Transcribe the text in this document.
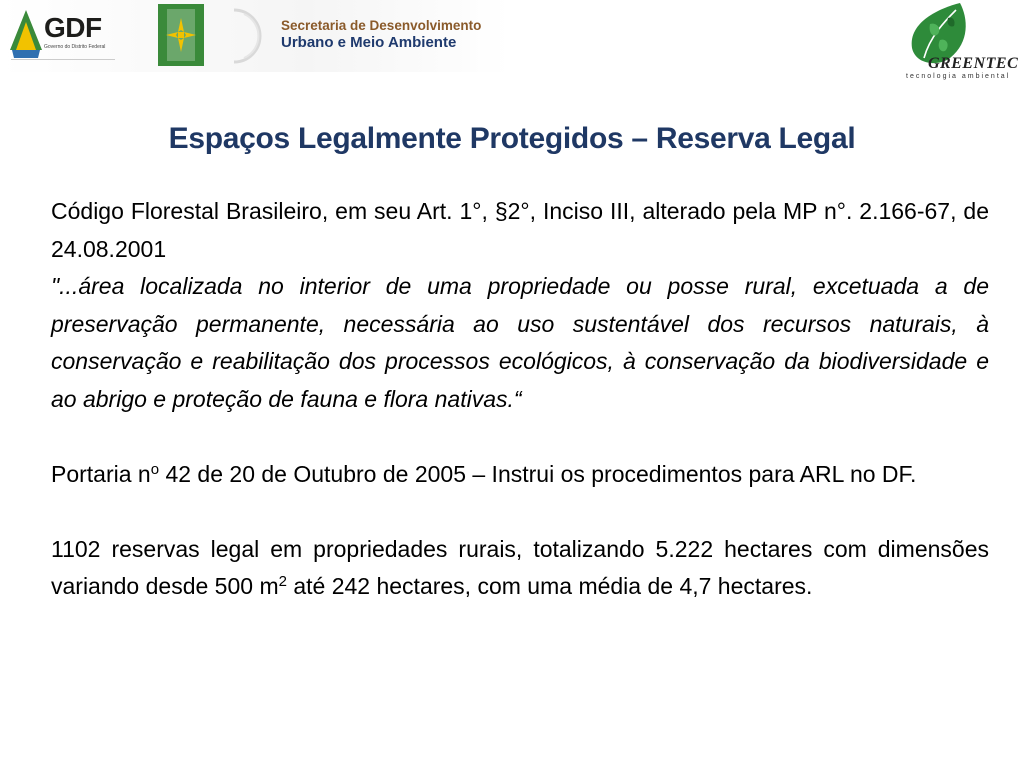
GDF
Governo do Distrito Federal
Secretaria de Desenvolvimento
Urbano e Meio Ambiente
GREENTEC
tecnologia ambiental
Espaços Legalmente Protegidos – Reserva Legal

Código Florestal Brasileiro, em seu Art. 1°, §2°, Inciso III, alterado pela MP n°. 2.166-67, de 24.08.2001

"...área localizada no interior de uma propriedade ou posse rural, excetuada a de preservação permanente, necessária ao uso sustentável dos recursos naturais, à conservação e reabilitação dos processos ecológicos, à conservação da biodiversidade e ao abrigo e proteção de fauna e flora nativas.“

Portaria $n^o$ 42 de 20 de Outubro de 2005 – Instrui os procedimentos para ARL no DF.

1102 reservas legal em propriedades rurais, totalizando 5.222 hectares com dimensões variando desde 500 $m^2$ até 242 hectares, com uma média de 4,7 hectares.
